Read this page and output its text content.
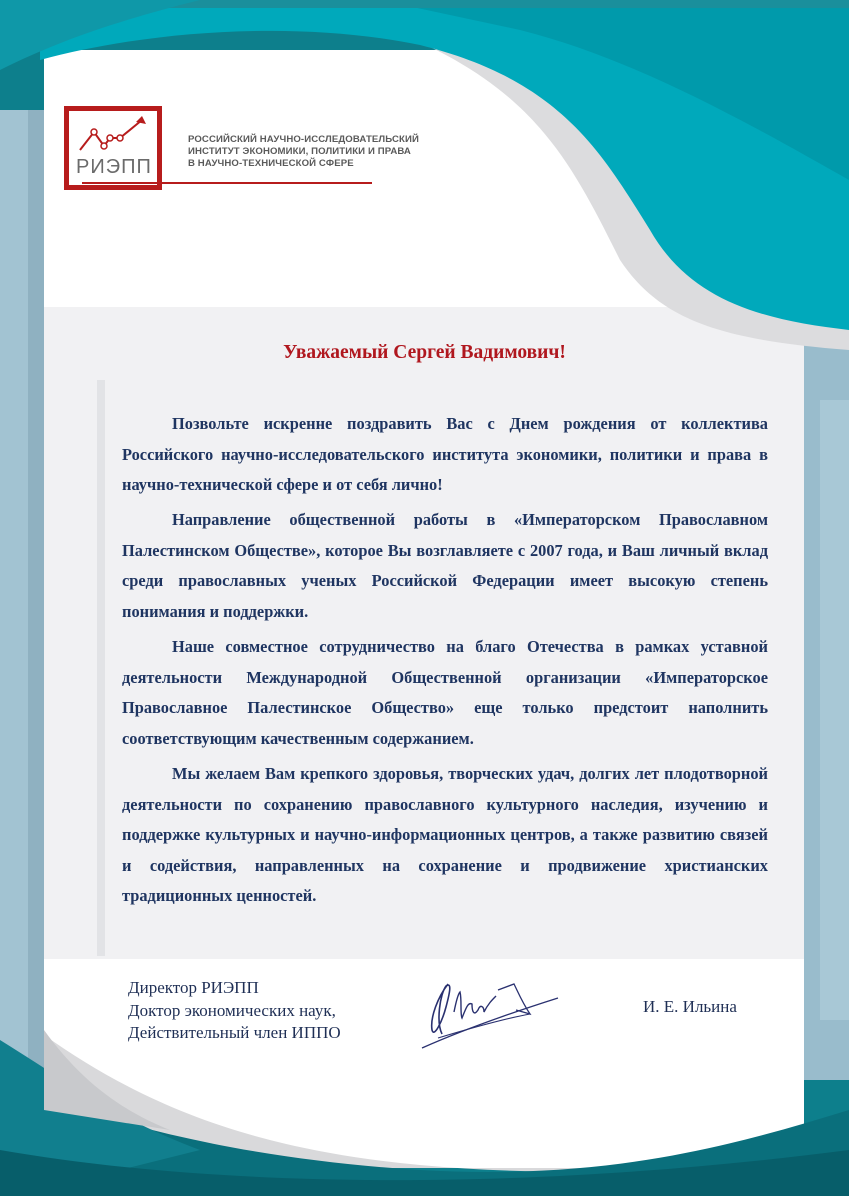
РИЭПП
РОССИЙСКИЙ НАУЧНО-ИССЛЕДОВАТЕЛЬСКИЙ
ИНСТИТУТ ЭКОНОМИКИ, ПОЛИТИКИ И ПРАВА
В НАУЧНО-ТЕХНИЧЕСКОЙ СФЕРЕ
Уважаемый Сергей Вадимович!

Позвольте искренне поздравить Вас с Днем рождения от коллектива Российского научно-исследовательского института экономики, политики и права в научно-технической сфере и от себя лично!

Направление общественной работы в «Императорском Православном Палестинском Обществе», которое Вы возглавляете с 2007 года, и Ваш личный вклад среди православных ученых Российской Федерации имеет высокую степень понимания и поддержки.

Наше совместное сотрудничество на благо Отечества в рамках уставной деятельности Международной Общественной организации «Императорское Православное Палестинское Общество» еще только предстоит наполнить соответствующим качественным содержанием.

Мы желаем Вам крепкого здоровья, творческих удач, долгих лет плодотворной деятельности по сохранению православного культурного наследия, изучению и поддержке культурных и научно-информационных центров, а также развитию связей и содействия, направленных на сохранение и продвижение христианских традиционных ценностей.

Директор РИЭПП
Доктор экономических наук,
Действительный член ИППО
И. Е. Ильина
